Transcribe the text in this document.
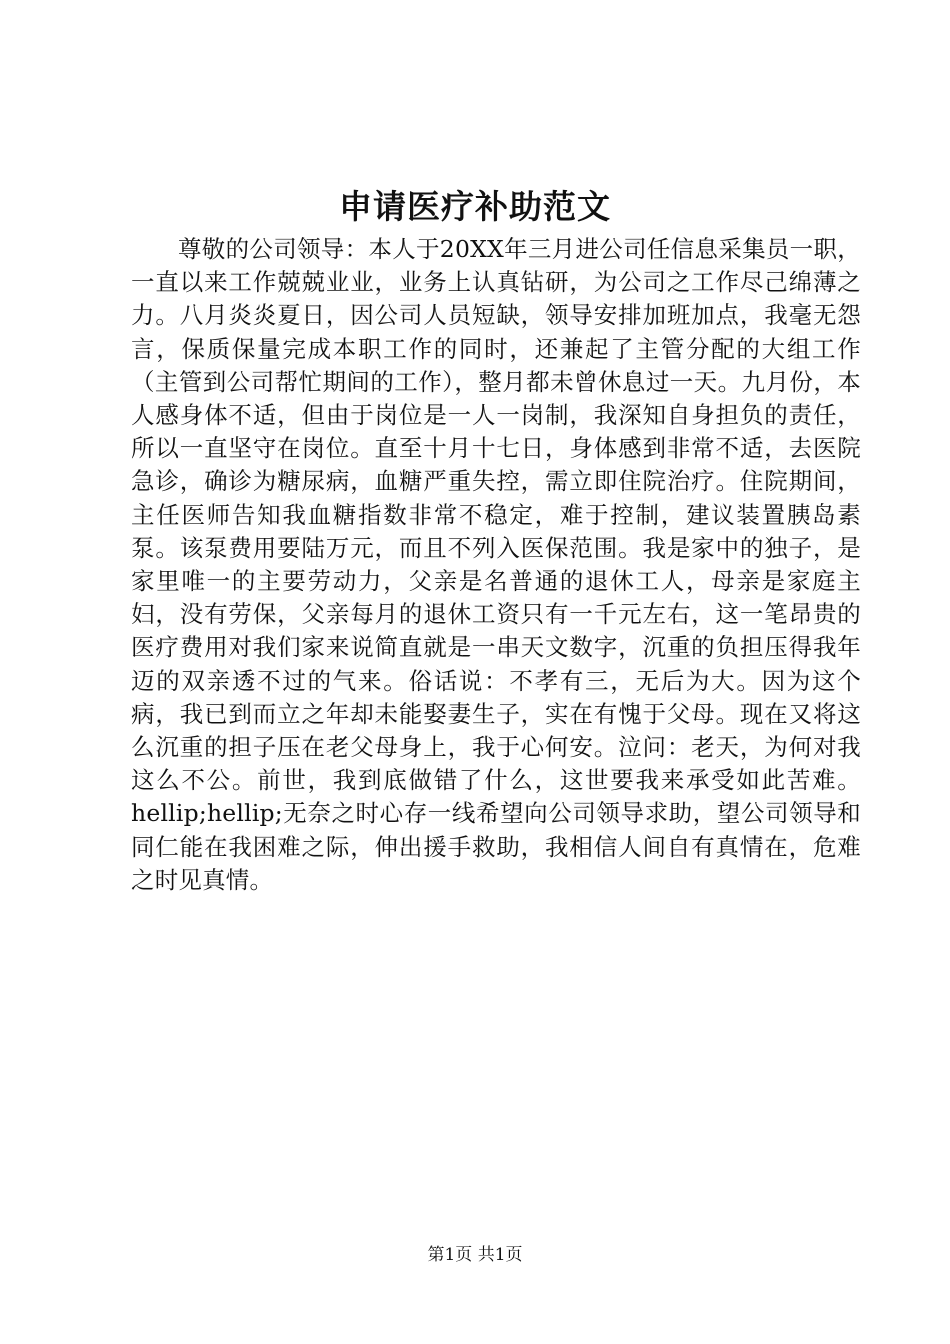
申请医疗补助范文

尊敬的公司领导：本人于20XX年三月进公司任信息采集员一职，一直以来工作兢兢业业，业务上认真钻研，为公司之工作尽己绵薄之力。八月炎炎夏日，因公司人员短缺，领导安排加班加点，我毫无怨言，保质保量完成本职工作的同时，还兼起了主管分配的大组工作（主管到公司帮忙期间的工作），整月都未曾休息过一天。九月份，本人感身体不适，但由于岗位是一人一岗制，我深知自身担负的责任，所以一直坚守在岗位。直至十月十七日，身体感到非常不适，去医院急诊，确诊为糖尿病，血糖严重失控，需立即住院治疗。住院期间，主任医师告知我血糖指数非常不稳定，难于控制，建议装置胰岛素泵。该泵费用要陆万元，而且不列入医保范围。我是家中的独子，是家里唯一的主要劳动力，父亲是名普通的退休工人，母亲是家庭主妇，没有劳保，父亲每月的退休工资只有一千元左右，这一笔昂贵的医疗费用对我们家来说简直就是一串天文数字，沉重的负担压得我年迈的双亲透不过的气来。俗话说：不孝有三，无后为大。因为这个病，我已到而立之年却未能娶妻生子，实在有愧于父母。现在又将这么沉重的担子压在老父母身上，我于心何安。泣问：老天，为何对我这么不公。前世，我到底做错了什么，这世要我来承受如此苦难。hellip;hellip;无奈之时心存一线希望向公司领导求助，望公司领导和同仁能在我困难之际，伸出援手救助，我相信人间自有真情在，危难之时见真情。

第1页 共1页
